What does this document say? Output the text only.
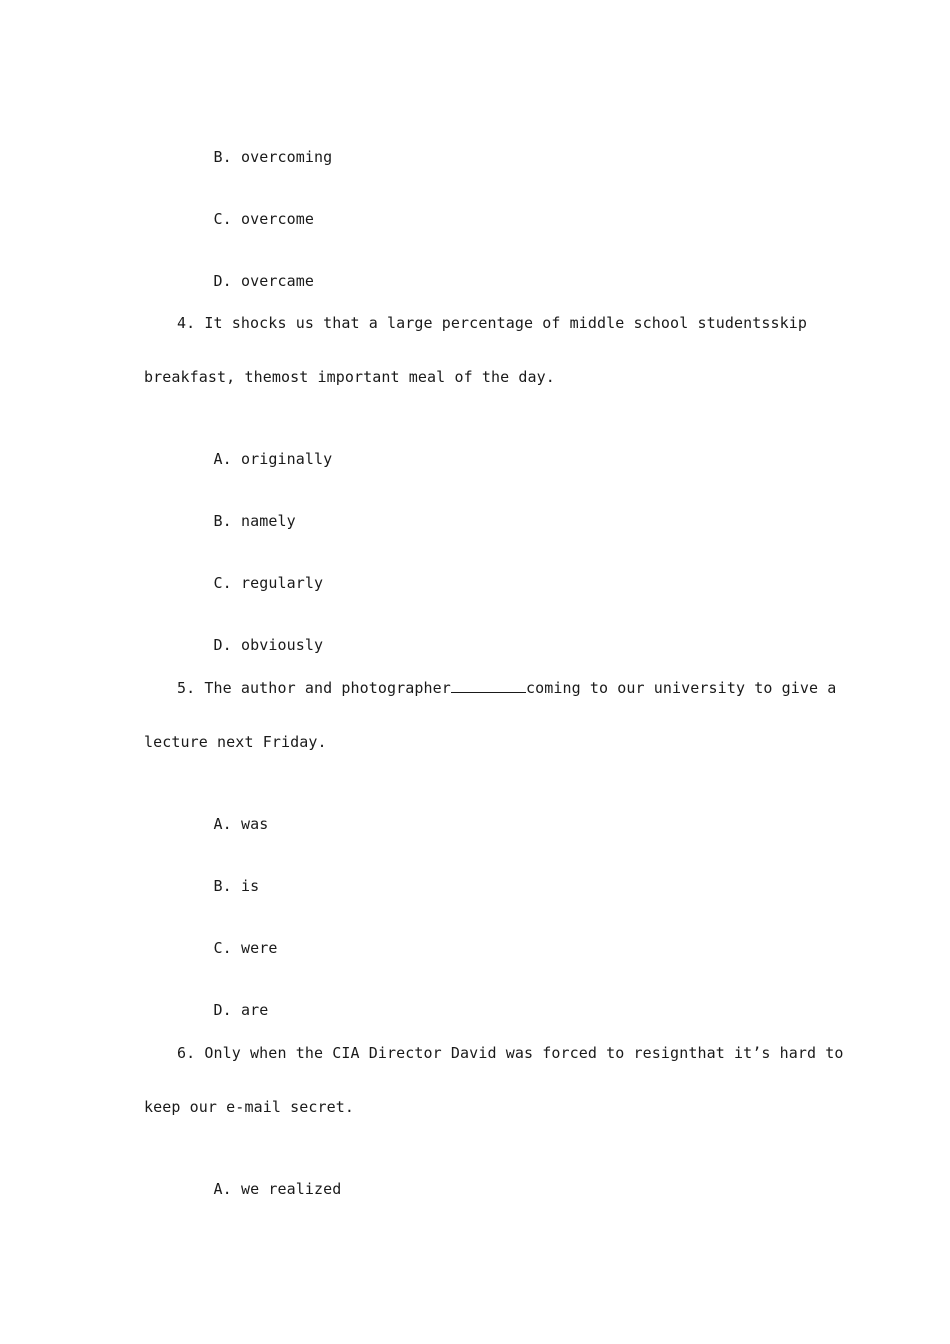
B. overcoming

C. overcome

D. overcame

4. It shocks us that a large percentage of middle school studentsskip
breakfast, themost important meal of the day.

A. originally

B. namely

C. regularly

D. obviously

5. The author and photographer	coming to our university to give a
lecture next Friday.

A. was

B. is

C. were

D. are

6. Only when the CIA Director David was forced to resignthat it’s hard to
keep our e-mail secret.

A. we realized
